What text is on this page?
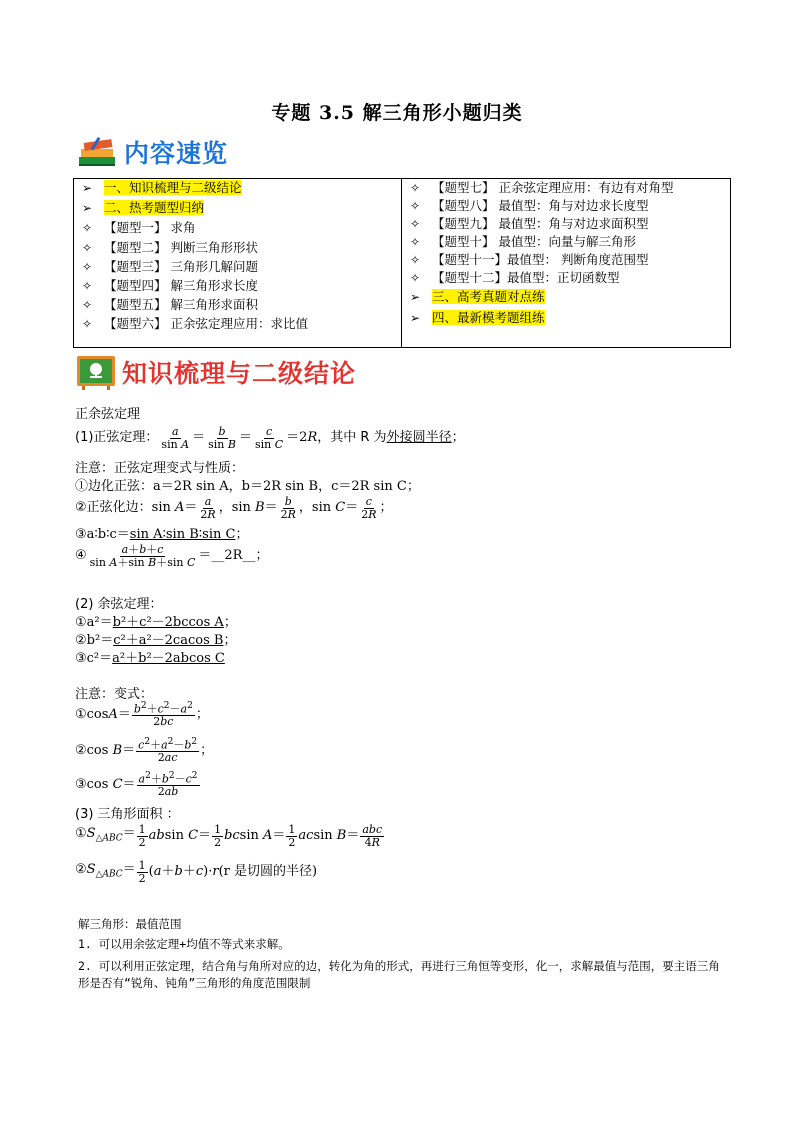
专题 3.5 解三角形小题归类
内容速览
➢ 一、知识梳理与二级结论
➢ 二、热考题型归纳
✧ 【题型一】 求角
✧ 【题型二】 判断三角形形状
✧ 【题型三】 三角形几解问题
✧ 【题型四】 解三角形求长度
✧ 【题型五】 解三角形求面积
✧ 【题型六】 正余弦定理应用：求比值
✧ 【题型七】 正余弦定理应用：有边有对角型
✧ 【题型八】 最值型：角与对边求长度型
✧ 【题型九】 最值型：角与对边求面积型
✧ 【题型十】 最值型：向量与解三角形
✧ 【题型十一】最值型： 判断角度范围型
✧ 【题型十二】最值型：正切函数型
➢ 三、高考真题对点练
➢ 四、最新模考题组练
知识梳理与二级结论
正余弦定理
(1)正弦定理： $\frac{a}{\text{sin A}} = \frac{b}{\text{sin B}} = \frac{c}{\text{sin C}} =2R$ ，其中 R 为 外接圆半径 ；
注意：正弦定理变式与性质：
①边化正弦：a＝2R sin A，b＝2R sin B，c＝2R sin C；
②正弦化边： $\sin A= \frac{a}{2R}$ ，$\sin B= \frac{b}{2R}$ ，$\sin C= \frac{c}{2R}$ ；
③a∶b∶c＝sin A∶sin B∶sin C；
④ $\frac{a+b+c}{\text{sin A＋sin B＋sin C}}$ ＝ __2R__ ；
(2) 余弦定理：
①a²＝b²＋c²－2bccos A；
②b²＝c²＋a²－2cacos B；
③c²＝a²＋b²－2abcos C
注意：变式：
①cosA＝ $\frac{b^2+c^2-a^2}{2bc}$ ；
②cos $B= \frac{c^2+a^2-b^2}{2ac}$ ；
③cos $C= \frac{a^2+b^2-c^2}{2ab}$
(3) 三角形面积 ：
$①S_{\triangle ABC}= \frac{1}{2}$ absin $C= \frac{1}{2}$ bcsin $A= \frac{1}{2}$ acsin $B= \frac{\text{abc}}{4R}$
$②S_{\triangle ABC}= \frac{1}{2} (a+b+c)\cdot r$ (r 是切圆的半径)
解三角形：最值范围
1. 可以用余弦定理+均值不等式来求解。
2. 可以利用正弦定理，结合角与角所对应的边，转化为角的形式，再进行三角恒等变形，化一，求解最值与范围，要主语三角形是否有“锐角、钝角”三角形的角度范围限制
